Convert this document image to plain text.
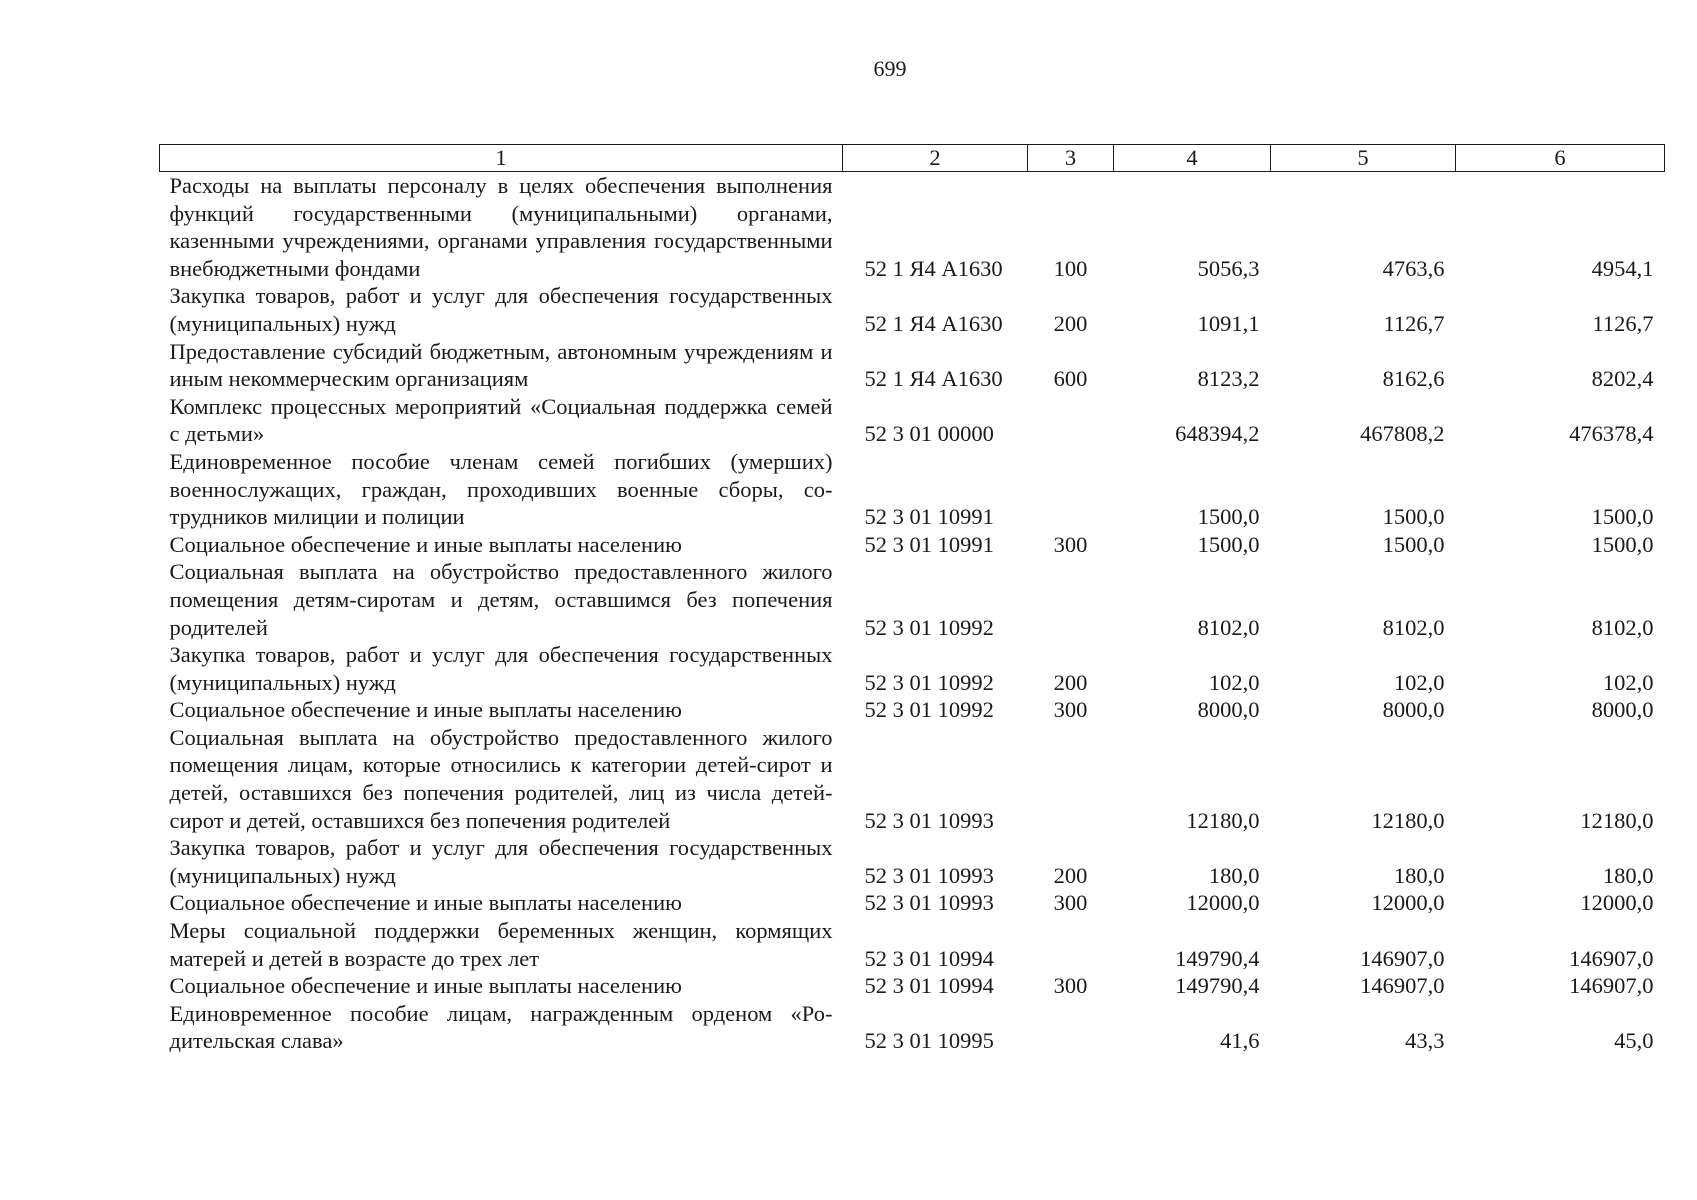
699
1	2	3	4	5	6
Расходы на выплаты персоналу в целях обеспечения выполнения функций государственными (муниципальными) органами, казенными учреждениями, органами управления государственными внебюджетными фондами	52 1 Я4 А1630	100	5056,3	4763,6	4954,1
Закупка товаров, работ и услуг для обеспечения государственных (муниципальных) нужд	52 1 Я4 А1630	200	1091,1	1126,7	1126,7
Предоставление субсидий бюджетным, автономным учреждениям и иным некоммерческим организациям	52 1 Я4 А1630	600	8123,2	8162,6	8202,4
Комплекс процессных мероприятий «Социальная поддержка семей с детьми»	52 3 01 00000		648394,2	467808,2	476378,4
Единовременное пособие членам семей погибших (умерших) военнослужащих, граждан, проходивших военные сборы, сотрудников милиции и полиции	52 3 01 10991		1500,0	1500,0	1500,0
Социальное обеспечение и иные выплаты населению	52 3 01 10991	300	1500,0	1500,0	1500,0
Социальная выплата на обустройство предоставленного жилого помещения детям-сиротам и детям, оставшимся без попечения родителей	52 3 01 10992		8102,0	8102,0	8102,0
Закупка товаров, работ и услуг для обеспечения государственных (муниципальных) нужд	52 3 01 10992	200	102,0	102,0	102,0
Социальное обеспечение и иные выплаты населению	52 3 01 10992	300	8000,0	8000,0	8000,0
Социальная выплата на обустройство предоставленного жилого помещения лицам, которые относились к категории детей-сирот и детей, оставшихся без попечения родителей, лиц из числа детей-сирот и детей, оставшихся без попечения родителей	52 3 01 10993		12180,0	12180,0	12180,0
Закупка товаров, работ и услуг для обеспечения государственных (муниципальных) нужд	52 3 01 10993	200	180,0	180,0	180,0
Социальное обеспечение и иные выплаты населению	52 3 01 10993	300	12000,0	12000,0	12000,0
Меры социальной поддержки беременных женщин, кормящих матерей и детей в возрасте до трех лет	52 3 01 10994		149790,4	146907,0	146907,0
Социальное обеспечение и иные выплаты населению	52 3 01 10994	300	149790,4	146907,0	146907,0
Единовременное пособие лицам, награжденным орденом «Родительская слава»	52 3 01 10995		41,6	43,3	45,0
